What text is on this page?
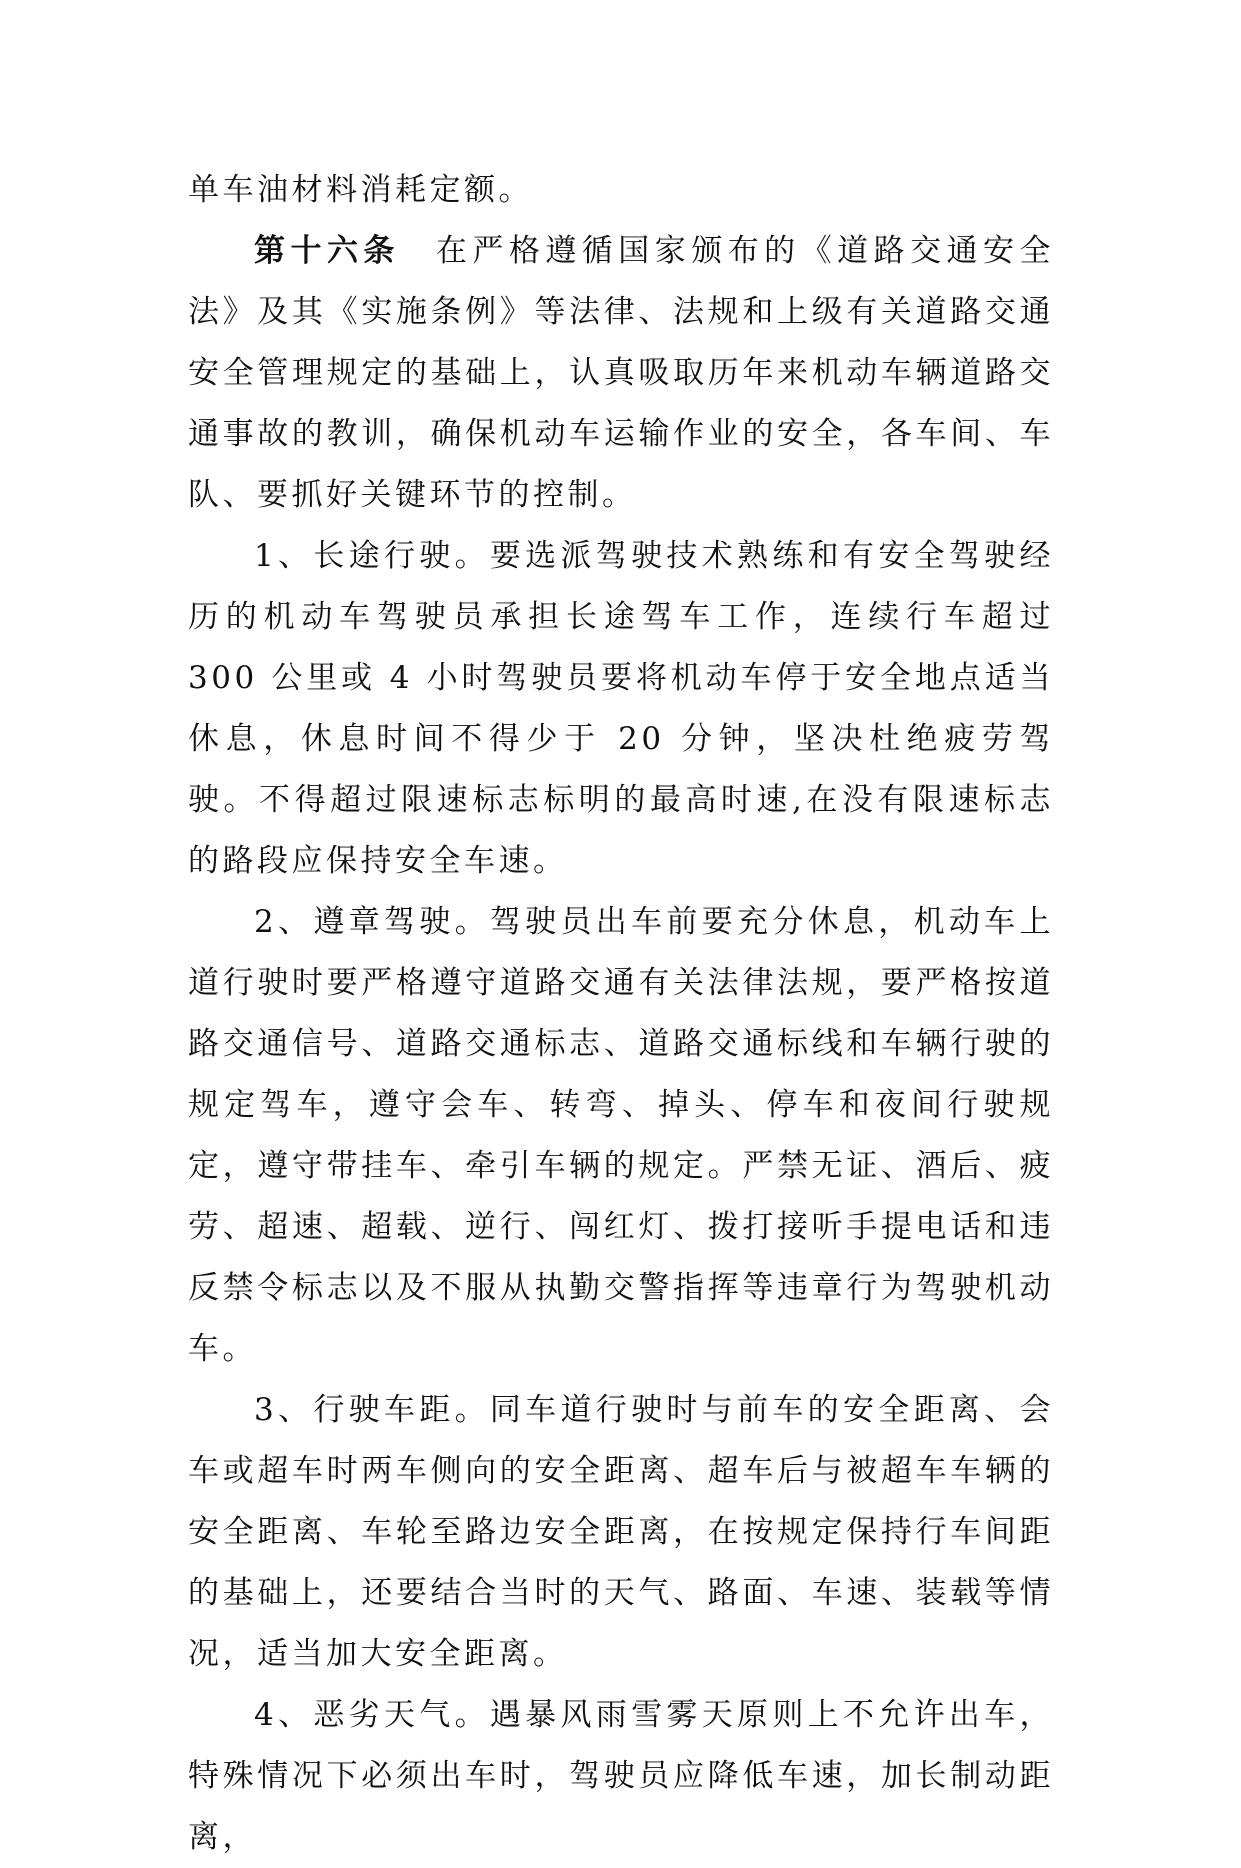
单车油材料消耗定额。

第十六条 在严格遵循国家颁布的《道路交通安全法》及其《实施条例》等法律、法规和上级有关道路交通安全管理规定的基础上，认真吸取历年来机动车辆道路交通事故的教训，确保机动车运输作业的安全，各车间、车队、要抓好关键环节的控制。

1、长途行驶。要选派驾驶技术熟练和有安全驾驶经历的机动车驾驶员承担长途驾车工作，连续行车超过 300 公里或 4 小时驾驶员要将机动车停于安全地点适当休息，休息时间不得少于 20 分钟，坚决杜绝疲劳驾驶。不得超过限速标志标明的最高时速,在没有限速标志的路段应保持安全车速。

2、遵章驾驶。驾驶员出车前要充分休息，机动车上道行驶时要严格遵守道路交通有关法律法规，要严格按道路交通信号、道路交通标志、道路交通标线和车辆行驶的规定驾车，遵守会车、转弯、掉头、停车和夜间行驶规定，遵守带挂车、牵引车辆的规定。严禁无证、酒后、疲劳、超速、超载、逆行、闯红灯、拨打接听手提电话和违反禁令标志以及不服从执勤交警指挥等违章行为驾驶机动车。

3、行驶车距。同车道行驶时与前车的安全距离、会车或超车时两车侧向的安全距离、超车后与被超车车辆的安全距离、车轮至路边安全距离，在按规定保持行车间距的基础上，还要结合当时的天气、路面、车速、装载等情况，适当加大安全距离。

4、恶劣天气。遇暴风雨雪雾天原则上不允许出车，特殊情况下必须出车时，驾驶员应降低车速，加长制动距离，
